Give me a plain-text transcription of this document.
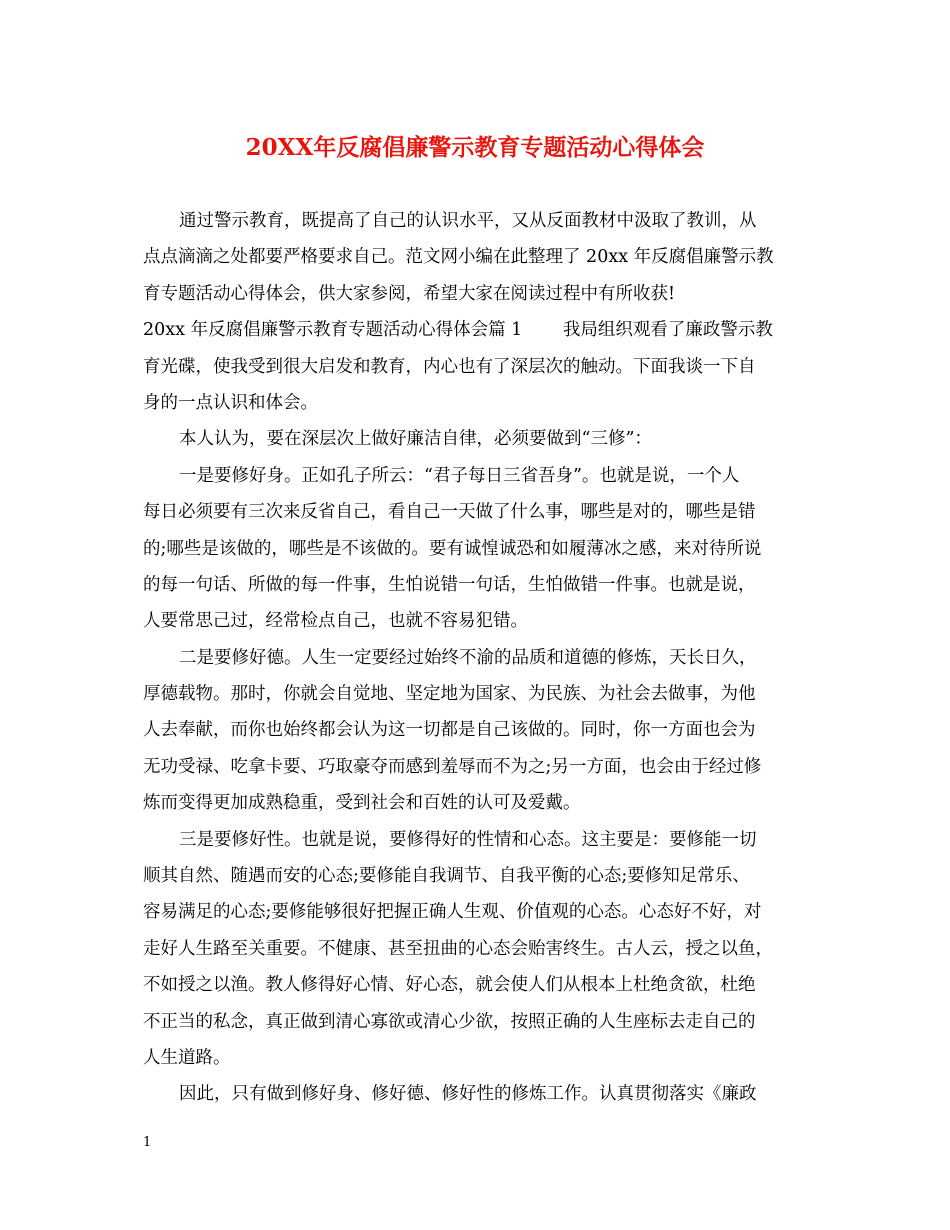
20XX年反腐倡廉警示教育专题活动心得体会
通过警示教育，既提高了自己的认识水平，又从反面教材中汲取了教训，从
点点滴滴之处都要严格要求自己。范文网小编在此整理了 20xx 年反腐倡廉警示教
育专题活动心得体会，供大家参阅，希望大家在阅读过程中有所收获!
20xx 年反腐倡廉警示教育专题活动心得体会篇 1　　 我局组织观看了廉政警示教
育光碟，使我受到很大启发和教育，内心也有了深层次的触动。下面我谈一下自
身的一点认识和体会。
本人认为，要在深层次上做好廉洁自律，必须要做到“三修”：
一是要修好身。正如孔子所云：“君子每日三省吾身”。也就是说，一个人
每日必须要有三次来反省自己，看自己一天做了什么事，哪些是对的，哪些是错
的;哪些是该做的，哪些是不该做的。要有诚惶诚恐和如履薄冰之感，来对待所说
的每一句话、所做的每一件事，生怕说错一句话，生怕做错一件事。也就是说，
人要常思己过，经常检点自己，也就不容易犯错。
二是要修好德。人生一定要经过始终不渝的品质和道德的修炼，天长日久，
厚德载物。那时，你就会自觉地、坚定地为国家、为民族、为社会去做事，为他
人去奉献，而你也始终都会认为这一切都是自己该做的。同时，你一方面也会为
无功受禄、吃拿卡要、巧取豪夺而感到羞辱而不为之;另一方面，也会由于经过修
炼而变得更加成熟稳重，受到社会和百姓的认可及爱戴。
三是要修好性。也就是说，要修得好的性情和心态。这主要是：要修能一切
顺其自然、随遇而安的心态;要修能自我调节、自我平衡的心态;要修知足常乐、
容易满足的心态;要修能够很好把握正确人生观、价值观的心态。心态好不好，对
走好人生路至关重要。不健康、甚至扭曲的心态会贻害终生。古人云，授之以鱼，
不如授之以渔。教人修得好心情、好心态，就会使人们从根本上杜绝贪欲，杜绝
不正当的私念，真正做到清心寡欲或清心少欲，按照正确的人生座标去走自己的
人生道路。
因此，只有做到修好身、修好德、修好性的修炼工作。认真贯彻落实《廉政
1
